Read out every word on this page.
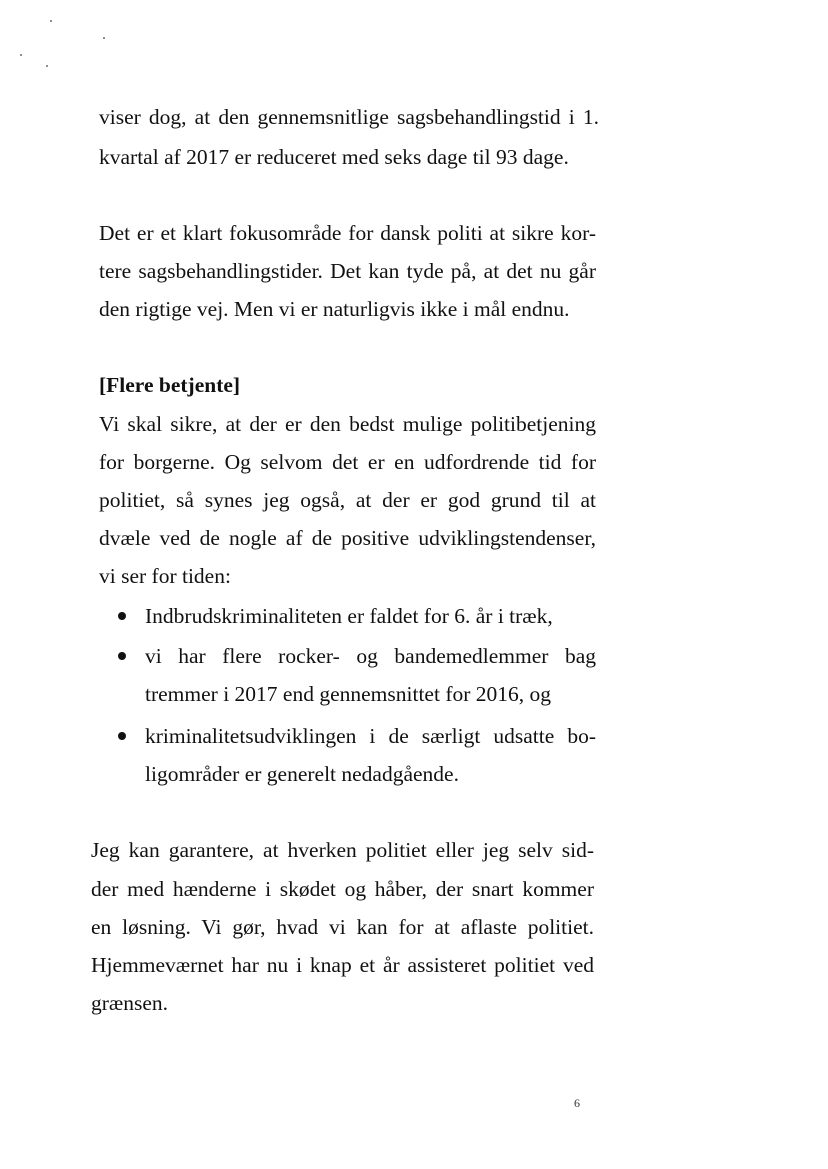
viser dog, at den gennemsnitlige sagsbehandlingstid i 1.
kvartal af 2017 er reduceret med seks dage til 93 dage.
Det er et klart fokusområde for dansk politi at sikre kor-
tere sagsbehandlingstider. Det kan tyde på, at det nu går
den rigtige vej. Men vi er naturligvis ikke i mål endnu.
[Flere betjente]
Vi skal sikre, at der er den bedst mulige politibetjening
for borgerne. Og selvom det er en udfordrende tid for
politiet, så synes jeg også, at der er god grund til at
dvæle ved de nogle af de positive udviklingstendenser,
vi ser for tiden:
Indbrudskriminaliteten er faldet for 6. år i træk,
vi har flere rocker- og bandemedlemmer bag
tremmer i 2017 end gennemsnittet for 2016, og
kriminalitetsudviklingen i de særligt udsatte bo-
ligområder er generelt nedadgående.
Jeg kan garantere, at hverken politiet eller jeg selv sid-
der med hænderne i skødet og håber, der snart kommer
en løsning. Vi gør, hvad vi kan for at aflaste politiet.
Hjemmeværnet har nu i knap et år assisteret politiet ved
grænsen.
6
